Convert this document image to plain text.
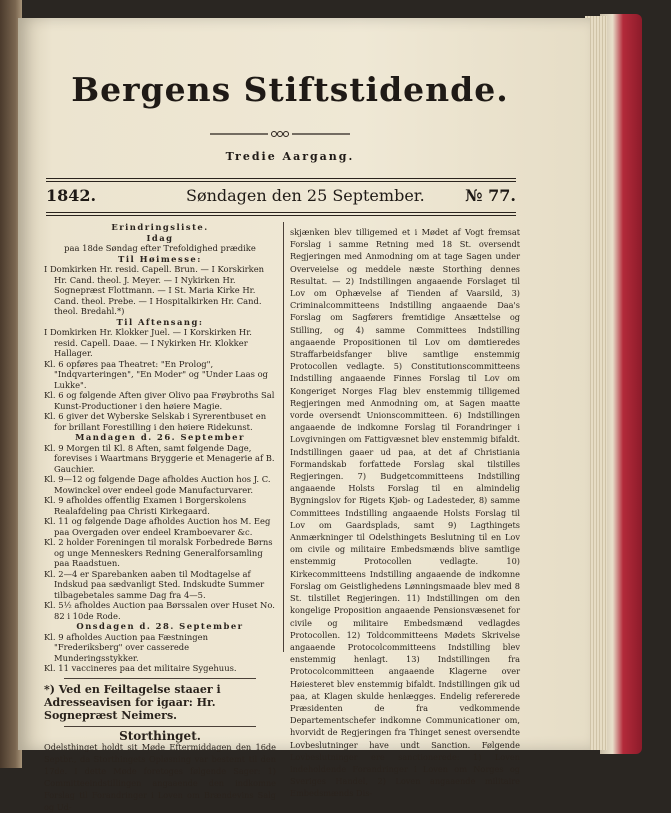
Bergens Stiftstidende.
Tredie Aargang.
1842.	Søndagen den 25 September.	№ 77.

Erindringsliste.

Idag

paa 18de Søndag efter Trefoldighed prædike

Til Høimesse:

I Domkirken Hr. resid. Capell. Brun. — I Korskirken Hr. Cand. theol. J. Meyer. — I Nykirken Hr. Sognepræst Flottmann. — I St. Maria Kirke Hr. Cand. theol. Prebe. — I Hospitalkirken Hr. Cand. theol. Bredahl.*)

Til Aftensang:

I Domkirken Hr. Klokker Juel. — I Korskirken Hr. resid. Capell. Daae. — I Nykirken Hr. Klokker Hallager.

Kl. 6 opføres paa Theatret: "En Prolog", "Indqvarteringen", "En Moder" og "Under Laas og Lukke".

Kl. 6 og følgende Aften giver Olivo paa Frøybroths Sal Kunst-Productioner i den høiere Magie.

Kl. 6 giver det Wyberske Selskab i Syrerentbuset en for brillant Forestilling i den høiere Ridekunst.

Mandagen d. 26. September

Kl. 9 Morgen til Kl. 8 Aften, samt følgende Dage, forevises i Waartmans Bryggerie et Menagerie af B. Gauchier.

Kl. 9—12 og følgende Dage afholdes Auction hos J. C. Mowinckel over endeel gode Manufacturvarer.

Kl. 9 afholdes offentlig Examen i Borgerskolens Realafdeling paa Christi Kirkegaard.

Kl. 11 og følgende Dage afholdes Auction hos M. Eeg paa Overgaden over endeel Kramboevarer &c.

Kl. 2 holder Foreningen til moralsk Forbedrede Børns og unge Menneskers Redning Generalforsamling paa Raadstuen.

Kl. 2—4 er Sparebanken aaben til Modtagelse af Indskud paa sædvanligt Sted. Indskudte Summer tilbagebetales samme Dag fra 4—5.

Kl. 5½ afholdes Auction paa Børssalen over Huset No. 82 i 10de Rode.

Onsdagen d. 28. September

Kl. 9 afholdes Auction paa Fæstningen "Frederiksberg" over casserede Munderingsstykker.

Kl. 11 vaccineres paa det militaire Sygehuus.

*) Ved en Feiltagelse staaer i Adresseavisen for igaar: Hr. Sognepræst Neimers.

Storthinget.

Odelsthinget holdt sit Møde Eftermiddagen den 16de Septbr., da Storthingets Opløsning var bestemt til den 17de. I dette Møde foretoges følgende Sager: 1) Committeeindstillingen angaaende den indkomne Forslag til Forandringer i Loven om Brændevins Salg og Ud-

skjænken blev tilligemed et i Mødet af Vogt fremsat Forslag i samme Retning med 18 St. oversendt Regjeringen med Anmodning om at tage Sagen under Overveielse og meddele næste Storthing dennes Resultat. — 2) Indstillingen angaaende Forslaget til Lov om Ophævelse af Tienden af Vaarsild, 3) Criminalcommitteens Indstilling angaaende Daa's Forslag om Sagførers fremtidige Ansættelse og Stilling, og 4) samme Committees Indstilling angaaende Propositionen til Lov om dømtieredes Straffarbeidsfanger blive samtlige enstemmig Protocollen vedlagte. 5) Constitutionscommitteens Indstilling angaaende Finnes Forslag til Lov om Kongeriget Norges Flag blev enstemmig tilligemed Regjeringen med Anmodning om, at Sagen maatte vorde oversendt Unionscommitteen. 6) Indstillingen angaaende de indkomne Forslag til Forandringer i Lovgivningen om Fattigvæsnet blev enstemmig bifaldt. Indstillingen gaaer ud paa, at det af Christiania Formandskab forfattede Forslag skal tilstilles Regjeringen. 7) Budgetcommitteens Indstilling angaaende Holsts Forslag til en almindelig Bygningslov for Rigets Kjøb- og Ladesteder, 8) samme Committees Indstilling angaaende Holsts Forslag til Lov om Gaardsplads, samt 9) Lagthingets Anmærkninger til Odelsthingets Beslutning til en Lov om civile og militaire Embedsmænds blive samtlige enstemmig Protocollen vedlagte. 10) Kirkecommitteens Indstilling angaaende de indkomne Forslag om Geistlighedens Lønningsmaade blev med 8 St. tilstillet Regjeringen. 11) Indstillingen om den kongelige Proposition angaaende Pensionsvæsenet for civile og militaire Embedsmænd vedlagdes Protocollen. 12) Toldcommitteens Mødets Skrivelse angaaende Protocolcommitteens Indstilling blev enstemmig henlagt. 13) Indstillingen fra Protocolcommitteen angaaende Klagerne over Høiesteret blev enstemmig bifaldt. Indstillingen gik ud paa, at Klagen skulde henlægges. Endelig refererede Præsidenten de fra vedkommende Departementschefer indkomne Communicationer om, hvorvidt de Regjeringen fra Thinget senest oversendte Lovbeslutninger have undt Sanction. Følgende Lovbeslutninger ere sanctionerede: 1) Loven indeholdende Forandringer i Loven om Norges og Sveriges Handel, 2) Loven angaaende militaire Embedsmænds Dis-
